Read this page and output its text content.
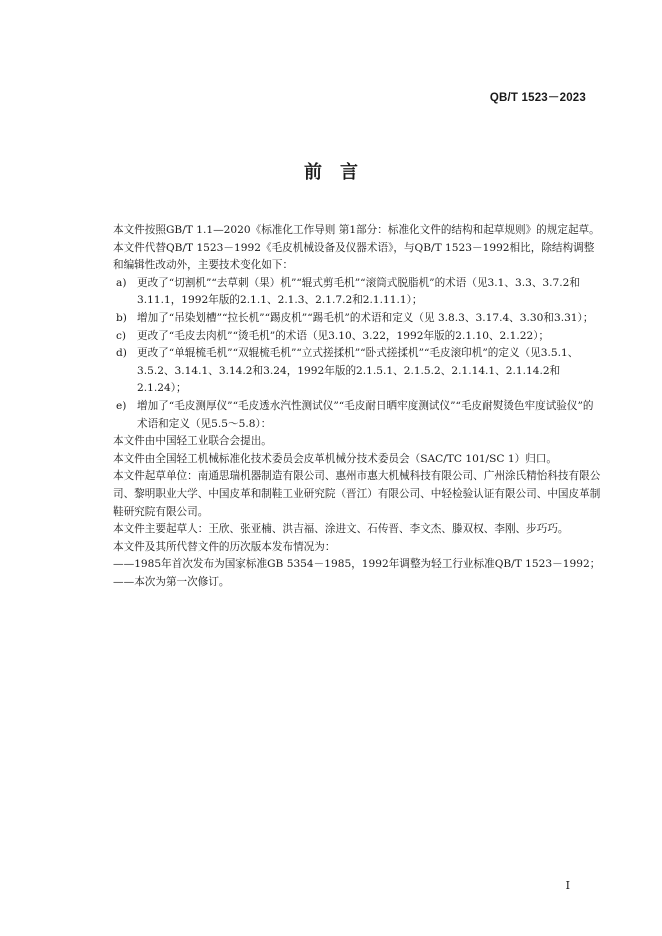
QB/T 1523－2023
前言

本文件按照GB/T 1.1—2020《标准化工作导则 第1部分：标准化文件的结构和起草规则》的规定起草。

本文件代替QB/T 1523－1992《毛皮机械设备及仪器术语》，与QB/T 1523－1992相比，除结构调整和编辑性改动外，主要技术变化如下：

a) 更改了“切割机”“去草刺（果）机”“辊式剪毛机”“滚筒式脱脂机”的术语（见3.1、3.3、3.7.2和3.11.1，1992年版的2.1.1、2.1.3、2.1.7.2和2.1.11.1）；
b) 增加了“吊染划槽”“拉长机”“踢皮机”“踢毛机”的术语和定义（见 3.8.3、3.17.4、3.30和3.31）；
c) 更改了“毛皮去肉机”“烫毛机”的术语（见3.10、3.22，1992年版的2.1.10、2.1.22）；
d) 更改了“单辊梳毛机”“双辊梳毛机”“立式搓揉机”“卧式搓揉机”“毛皮滚印机”的定义（见3.5.1、3.5.2、3.14.1、3.14.2和3.24，1992年版的2.1.5.1、2.1.5.2、2.1.14.1、2.1.14.2和2.1.24）；
e) 增加了“毛皮测厚仪”“毛皮透水汽性测试仪”“毛皮耐日晒牢度测试仪”“毛皮耐熨烫色牢度试验仪”的术语和定义（见5.5～5.8）：

本文件由中国轻工业联合会提出。

本文件由全国轻工机械标准化技术委员会皮革机械分技术委员会（SAC/TC 101/SC 1）归口。

本文件起草单位：南通思瑞机器制造有限公司、惠州市惠大机械科技有限公司、广州涂氏精怡科技有限公司、黎明职业大学、中国皮革和制鞋工业研究院（晋江）有限公司、中轻检验认证有限公司、中国皮革制鞋研究院有限公司。

本文件主要起草人：王欣、张亚楠、洪吉福、涂进文、石传晋、李文杰、滕双权、李刚、步巧巧。

本文件及其所代替文件的历次版本发布情况为：

——1985年首次发布为国家标准GB 5354－1985，1992年调整为轻工行业标准QB/T 1523－1992；
——本次为第一次修订。
I
